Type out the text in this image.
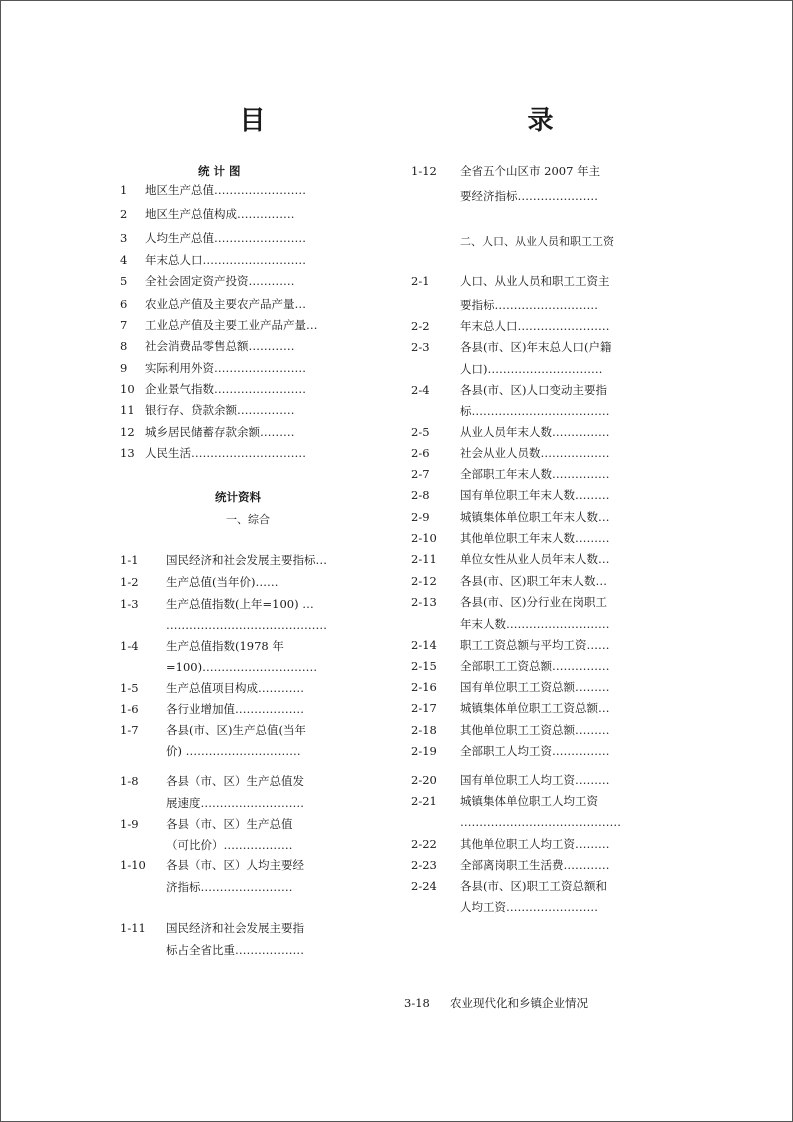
目　　录
统 计 图
1 地区生产总值……………………
2 地区生产总值构成……………
3 人均生产总值……………………
4 年末总人口………………………
5 全社会固定资产投资…………
6 农业总产值及主要农产品产量…
7 工业总产值及主要工业产品产量…
8 社会消费品零售总额…………
9 实际利用外资……………………
10 企业景气指数……………………
11 银行存、贷款余额……………
12 城乡居民储蓄存款余额………
13 人民生活…………………………
统计资料
一、综合
1-1 国民经济和社会发展主要指标…
1-2 生产总值(当年价)……
1-3 生产总值指数(上年=100) …
……………………………………
1-4 生产总值指数(1978 年
=100)…………………………
1-5 生产总值项目构成…………
1-6 各行业增加值………………
1-7 各县(市、区)生产总值(当年
价) …………………………
1-8 各县（市、区）生产总值发
展速度………………………
1-9 各县（市、区）生产总值
（可比价）………………
1-10 各县（市、区）人均主要经
济指标……………………
1-11 国民经济和社会发展主要指
标占全省比重………………
1-12 全省五个山区市 2007 年主
要经济指标…………………
二、人口、从业人员和职工工资
2-1	人口、从业人员和职工工资主
要指标………………………
2-2	年末总人口……………………
2-3	各县(市、区)年末总人口(户籍
人口)…………………………
2-4	各县(市、区)人口变动主要指
标………………………………
2-5	从业人员年末人数……………
2-6	社会从业人员数………………
2-7	全部职工年末人数……………
2-8	国有单位职工年末人数………
2-9	城镇集体单位职工年末人数…
2-10 其他单位职工年末人数………
2-11 单位女性从业人员年末人数…
2-12 各县(市、区)职工年末人数…
2-13 各县(市、区)分行业在岗职工
年末人数………………………
2-14 职工工资总额与平均工资……
2-15 全部职工工资总额……………
2-16 国有单位职工工资总额………
2-17 城镇集体单位职工工资总额…
2-18 其他单位职工工资总额………
2-19 全部职工人均工资……………
2-20 国有单位职工人均工资………
2-21 城镇集体单位职工人均工资
……………………………………
2-22 其他单位职工人均工资………
2-23 全部离岗职工生活费…………
2-24 各县(市、区)职工工资总额和
人均工资……………………
3-18 农业现代化和乡镇企业情况
